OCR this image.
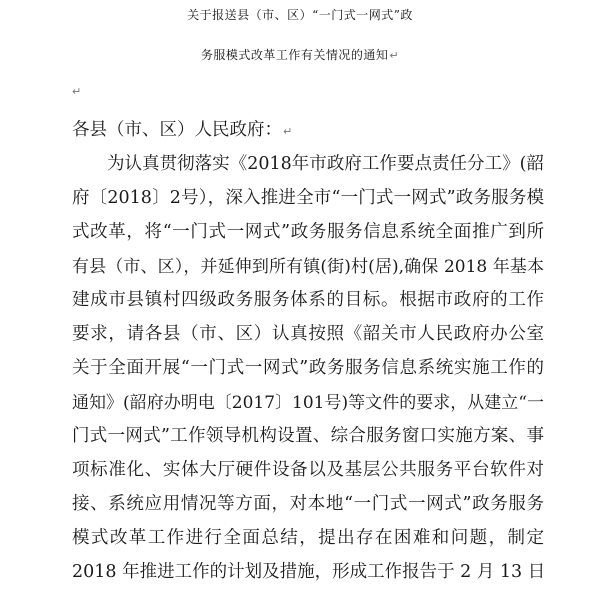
关于报送县（市、区）“一门式一网式”政
务服模式改革工作有关情况的通知↵
↵
各县（市、区）人民政府：↵
为认真贯彻落实《2018年市政府工作要点责任分工》(韶
府〔2018〕2号），深入推进全市“一门式一网式”政务服务模
式改革，将“一门式一网式”政务服务信息系统全面推广到所
有县（市、区），并延伸到所有镇(街)村(居),确保 2018 年基本
建成市县镇村四级政务服务体系的目标。根据市政府的工作
要求，请各县（市、区）认真按照《韶关市人民政府办公室
关于全面开展“一门式一网式”政务服务信息系统实施工作的
通知》(韶府办明电〔2017〕101号)等文件的要求，从建立“一
门式一网式”工作领导机构设置、综合服务窗口实施方案、事
项标准化、实体大厅硬件设备以及基层公共服务平台软件对
接、系统应用情况等方面，对本地“一门式一网式”政务服务
模式改革工作进行全面总结，提出存在困难和问题，制定
2018 年推进工作的计划及措施，形成工作报告于 2 月 13 日
